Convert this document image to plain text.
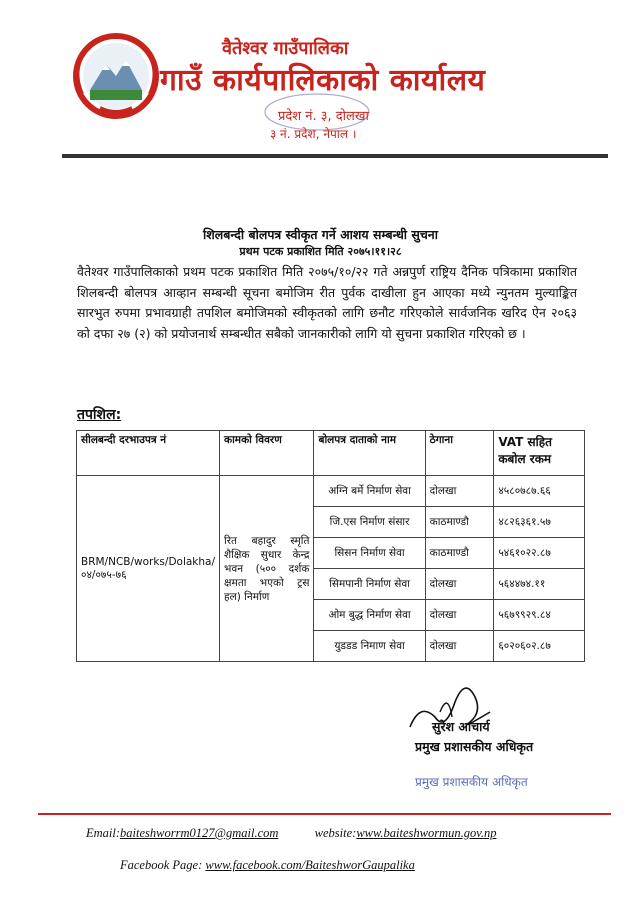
वैतेश्वर गाउँपालिका
गाउँ कार्यपालिकाको कार्यालय
प्रदेश नं. ३, दोलखा
३ नं. प्रदेश, नेपाल ।
शिलबन्दी बोलपत्र स्वीकृत गर्ने आशय सम्बन्धी सुचना
प्रथम पटक प्रकाशित मिति २०७५।११।२८
वैतेश्वर गाउँपालिकाको प्रथम पटक प्रकाशित मिति २०७५/१०/२२ गते अन्नपुर्ण राष्ट्रिय दैनिक पत्रिकामा प्रकाशित शिलबन्दी बोलपत्र आव्हान सम्बन्धी सूचना बमोजिम रीत पुर्वक दाखीला हुन आएका मध्ये न्युनतम मुल्याङ्कित सारभुत रुपमा प्रभावग्राही तपशिल बमोजिमको स्वीकृतको लागि छनौट गरिएकोले सार्वजनिक खरिद ऐन २०६३ को दफा २७ (२) को प्रयोजनार्थ सम्बन्धीत सबैको जानकारीको लागि यो सुचना प्रकाशित गरिएको छ ।
तपशिल:
सीलबन्दी दरभाउपत्र नं	कामको विवरण	बोलपत्र दाताको नाम	ठेगाना	VAT सहित कबोल रकम
BRM/NCB/works/Dolakha/०४/०७५-७६	रित बहादुर स्मृति शैक्षिक सुधार केन्द्र भवन (५०० दर्शक क्षमता भएको ट्रस हल) निर्माण	अग्नि बर्मे निर्माण सेवा	दोलखा	४५८०७८७.६६
		जि.एस निर्माण संसार	काठमाण्डौ	४८२६३६१.५७
		सिसन निर्माण सेवा	काठमाण्डौ	५४६१०२२.८७
		सिमपानी निर्माण सेवा	दोलखा	५६४४७४.११
		ओम बुद्ध निर्माण सेवा	दोलखा	५६७९९२९.८४
		युडडड निमाण सेवा	दोलखा	६०२०६०२.८७
सुरेश आचार्य
प्रमुख प्रशासकीय अधिकृत
प्रमुख प्रशासकीय अधिकृत
Email:baiteshworrm0127@gmail.com	website:www.baiteshwormun.gov.np
Facebook Page: www.facebook.com/BaiteshworGaupalika
